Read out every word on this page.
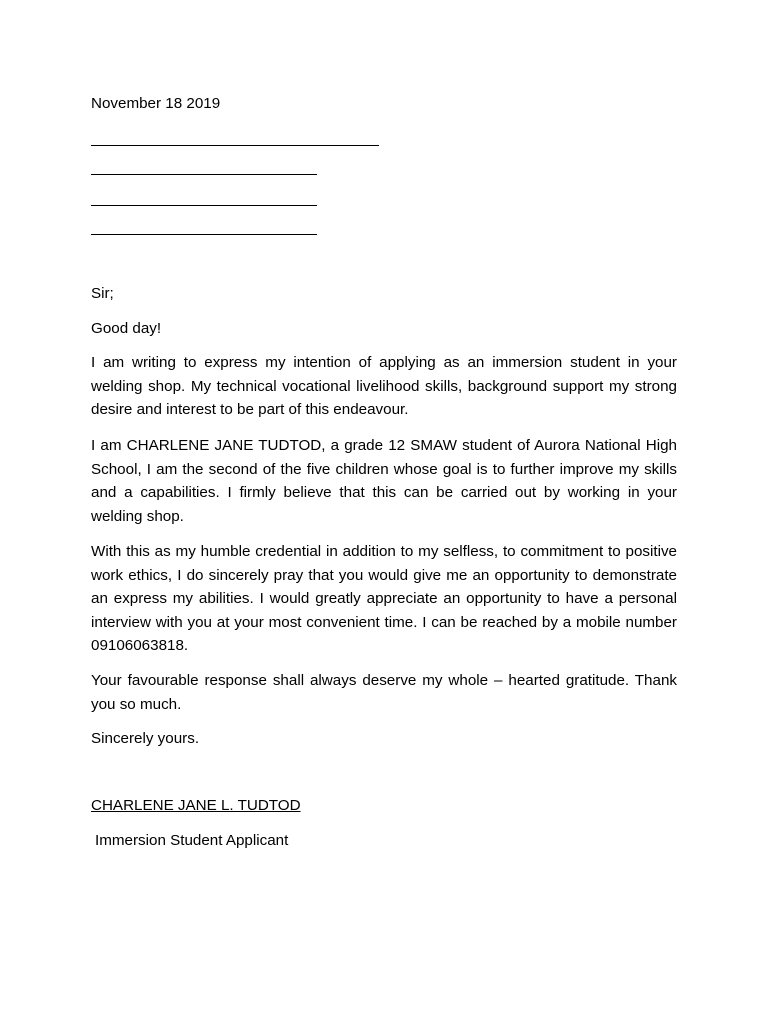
November 18 2019
Sir;
Good day!
I am writing to express my intention of applying as an immersion student in your welding shop. My technical vocational livelihood skills, background support my strong desire and interest to be part of this endeavour.
I am CHARLENE JANE TUDTOD, a grade 12 SMAW student of Aurora National High School, I am the second of the five children whose goal is to further improve my skills and a capabilities. I firmly believe that this can be carried out by working in your welding shop.
With this as my humble credential in addition to my selfless, to commitment to positive work ethics, I do sincerely pray that you would give me an opportunity to demonstrate an express my abilities. I would greatly appreciate an opportunity to have a personal interview with you at your most convenient time. I can be reached by a mobile number 09106063818.
Your favourable response shall always deserve my whole – hearted gratitude. Thank you so much.
Sincerely yours.
CHARLENE JANE L. TUDTOD
Immersion Student Applicant
